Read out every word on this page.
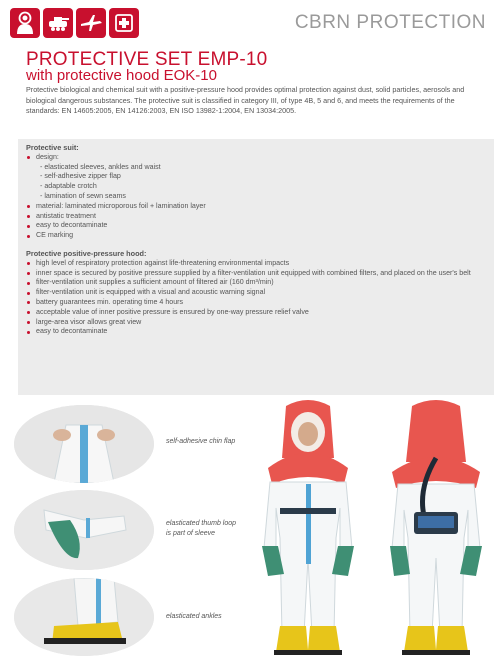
CBRN PROTECTION
PROTECTIVE SET EMP-10
with protective hood EOK-10
Protective biological and chemical suit with a positive-pressure hood provides optimal protection against dust, solid particles, aerosols and biological dangerous substances. The protective suit is classified in category III, of type 4B, 5 and 6, and meets the requirements of the standards: EN 14605:2005, EN 14126:2003, EN ISO 13982-1:2004, EN 13034:2005.
Protective suit:
design:
- elasticated sleeves, ankles and waist
- self-adhesive zipper flap
- adaptable crotch
- lamination of sewn seams
material: laminated microporous foil + lamination layer
antistatic treatment
easy to decontaminate
CE marking
Protective positive-pressure hood:
high level of respiratory protection against life-threatening environmental impacts
inner space is secured by positive pressure supplied by a filter-ventilation unit equipped with combined filters, and placed on the user's belt
filter-ventilation unit supplies a sufficient amount of filtered air (160 dm³/min)
filter-ventilation unit is equipped with a visual and acoustic warning signal
battery guarantees min. operating time 4 hours
acceptable value of inner positive pressure is ensured by one-way pressure relief valve
large-area visor allows great view
easy to decontaminate
self-adhesive chin flap
elasticated thumb loop
is part of sleeve
elasticated ankles
